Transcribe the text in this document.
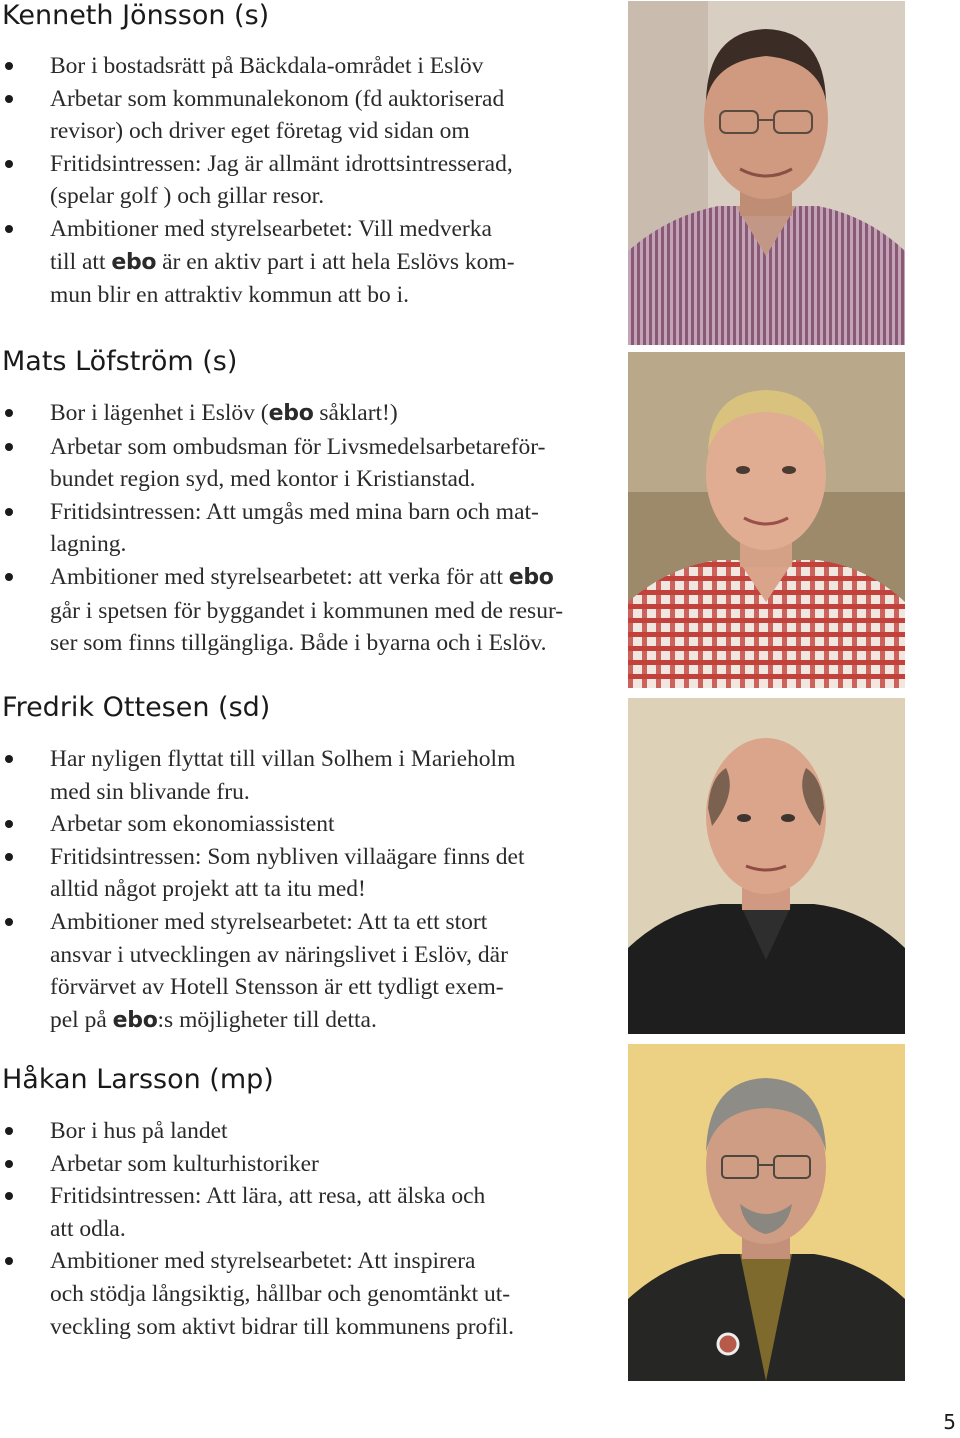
Kenneth Jönsson (s)
Bor i bostadsrätt på Bäckdala-området i Eslöv
Arbetar som kommunalekonom (fd auktoriserad
revisor) och driver eget företag vid sidan om
Fritidsintressen: Jag är allmänt idrottsintresserad,
(spelar golf ) och gillar resor.
Ambitioner med styrelsearbetet: Vill medverka
till att ebo är en aktiv part i att hela Eslövs kom-
mun blir en attraktiv kommun att bo i.
Mats Löfström (s)
Bor i lägenhet i Eslöv (ebo såklart!)
Arbetar som ombudsman för Livsmedelsarbetareför-
bundet region syd, med kontor i Kristianstad.
Fritidsintressen: Att umgås med mina barn och mat-
lagning.
Ambitioner med styrelsearbetet: att verka för att ebo
går i spetsen för byggandet i kommunen med de resur-
ser som finns tillgängliga. Både i byarna och i Eslöv.
Fredrik Ottesen (sd)
Har nyligen flyttat till villan Solhem i Marieholm
med sin blivande fru.
Arbetar som ekonomiassistent
Fritidsintressen: Som nybliven villaägare finns det
alltid något projekt att ta itu med!
Ambitioner med styrelsearbetet: Att ta ett stort
ansvar i utvecklingen av näringslivet i Eslöv, där
förvärvet av Hotell Stensson är ett tydligt exem-
pel på ebo:s möjligheter till detta.
Håkan Larsson (mp)
Bor i hus på landet
Arbetar som kulturhistoriker
Fritidsintressen: Att lära, att resa, att älska och
att odla.
Ambitioner med styrelsearbetet: Att inspirera
och stödja långsiktig, hållbar och genomtänkt ut-
veckling som aktivt bidrar till kommunens profil.
5
